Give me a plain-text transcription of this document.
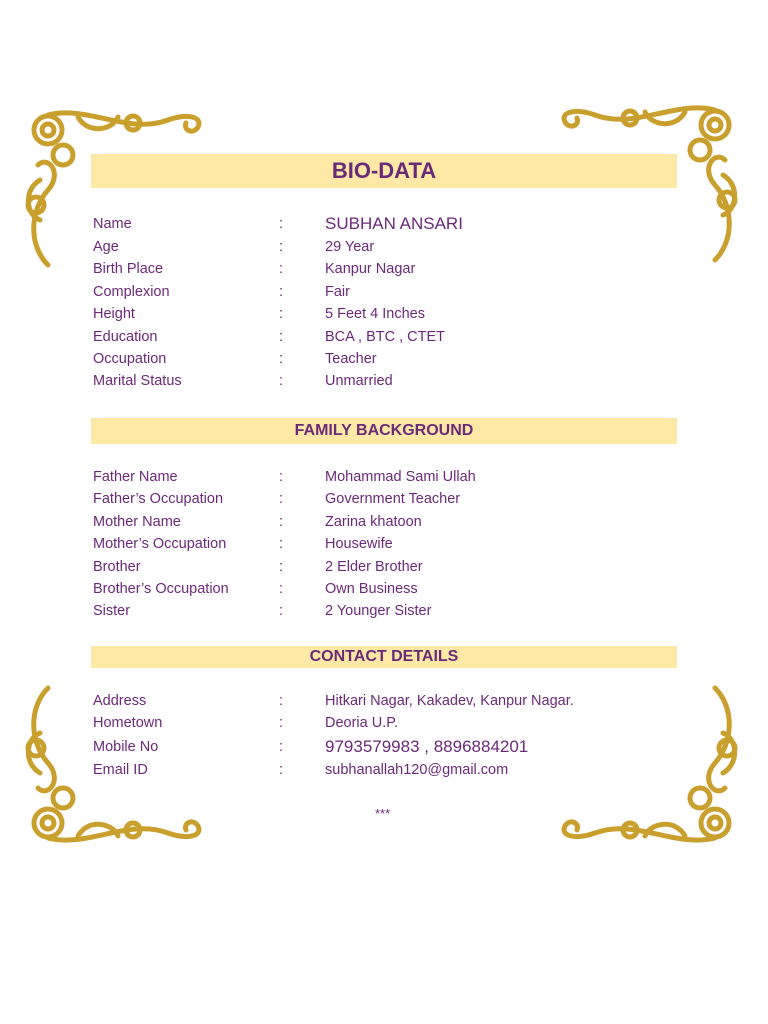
BIO-DATA
Name	: SUBHAN ANSARI
Age	:	29 Year
Birth Place	:	Kanpur Nagar
Complexion	:	Fair
Height	:	5 Feet 4 Inches
Education	:	BCA , BTC , CTET
Occupation	:	Teacher
Marital Status	:	Unmarried
FAMILY BACKGROUND
Father Name	:	Mohammad Sami Ullah
Father’s Occupation	:	Government Teacher
Mother Name	:	Zarina khatoon
Mother’s Occupation	:	Housewife
Brother	:	2 Elder Brother
Brother’s Occupation	:	Own Business
Sister	:	2 Younger Sister
CONTACT DETAILS
Address	:	Hitkari Nagar, Kakadev, Kanpur Nagar.
Hometown	:	Deoria U.P.
Mobile No	: 9793579983 , 8896884201
Email ID	:	subhanallah120@gmail.com
***
